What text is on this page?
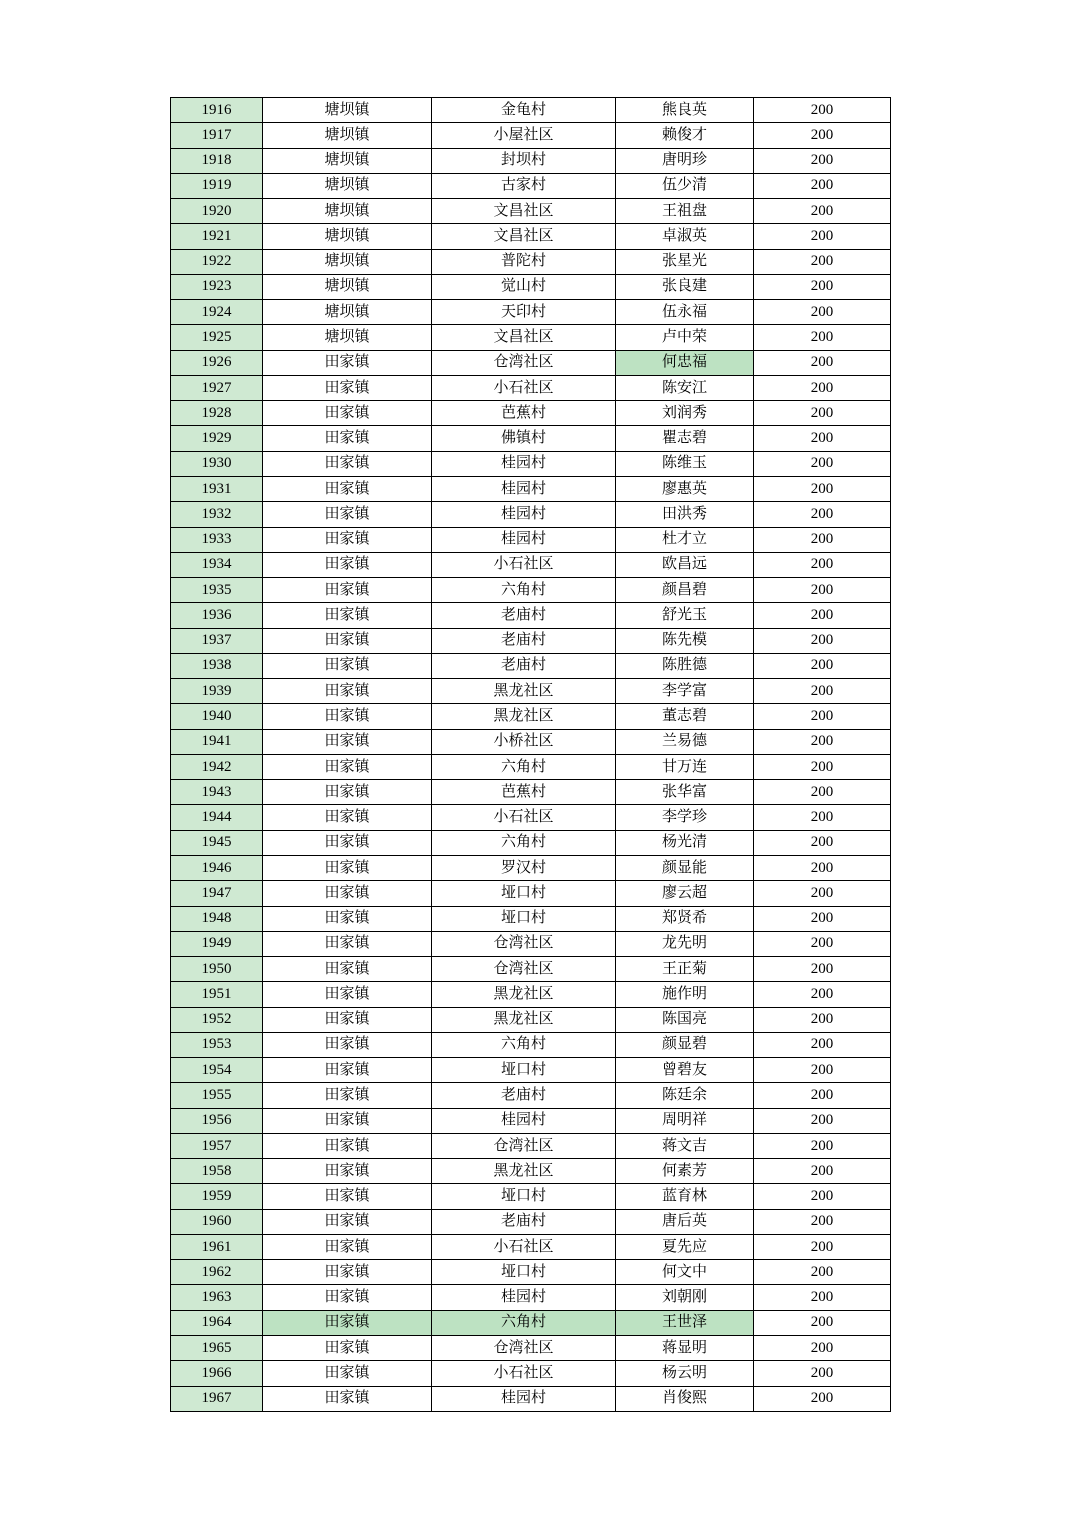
1916	塘坝镇	金龟村	熊良英	200
1917	塘坝镇	小屋社区	赖俊才	200
1918	塘坝镇	封坝村	唐明珍	200
1919	塘坝镇	古家村	伍少清	200
1920	塘坝镇	文昌社区	王祖盘	200
1921	塘坝镇	文昌社区	卓淑英	200
1922	塘坝镇	普陀村	张星光	200
1923	塘坝镇	觉山村	张良建	200
1924	塘坝镇	天印村	伍永福	200
1925	塘坝镇	文昌社区	卢中荣	200
1926	田家镇	仓湾社区	何忠福	200
1927	田家镇	小石社区	陈安江	200
1928	田家镇	芭蕉村	刘润秀	200
1929	田家镇	佛镇村	瞿志碧	200
1930	田家镇	桂园村	陈维玉	200
1931	田家镇	桂园村	廖惠英	200
1932	田家镇	桂园村	田洪秀	200
1933	田家镇	桂园村	杜才立	200
1934	田家镇	小石社区	欧昌远	200
1935	田家镇	六角村	颜昌碧	200
1936	田家镇	老庙村	舒光玉	200
1937	田家镇	老庙村	陈先模	200
1938	田家镇	老庙村	陈胜德	200
1939	田家镇	黑龙社区	李学富	200
1940	田家镇	黑龙社区	董志碧	200
1941	田家镇	小桥社区	兰易德	200
1942	田家镇	六角村	甘万连	200
1943	田家镇	芭蕉村	张华富	200
1944	田家镇	小石社区	李学珍	200
1945	田家镇	六角村	杨光清	200
1946	田家镇	罗汉村	颜显能	200
1947	田家镇	垭口村	廖云超	200
1948	田家镇	垭口村	郑贤希	200
1949	田家镇	仓湾社区	龙先明	200
1950	田家镇	仓湾社区	王正菊	200
1951	田家镇	黑龙社区	施作明	200
1952	田家镇	黑龙社区	陈国亮	200
1953	田家镇	六角村	颜显碧	200
1954	田家镇	垭口村	曾碧友	200
1955	田家镇	老庙村	陈廷余	200
1956	田家镇	桂园村	周明祥	200
1957	田家镇	仓湾社区	蒋文吉	200
1958	田家镇	黑龙社区	何素芳	200
1959	田家镇	垭口村	蓝育林	200
1960	田家镇	老庙村	唐后英	200
1961	田家镇	小石社区	夏先应	200
1962	田家镇	垭口村	何文中	200
1963	田家镇	桂园村	刘朝刚	200
1964	田家镇	六角村	王世泽	200
1965	田家镇	仓湾社区	蒋显明	200
1966	田家镇	小石社区	杨云明	200
1967	田家镇	桂园村	肖俊熙	200
